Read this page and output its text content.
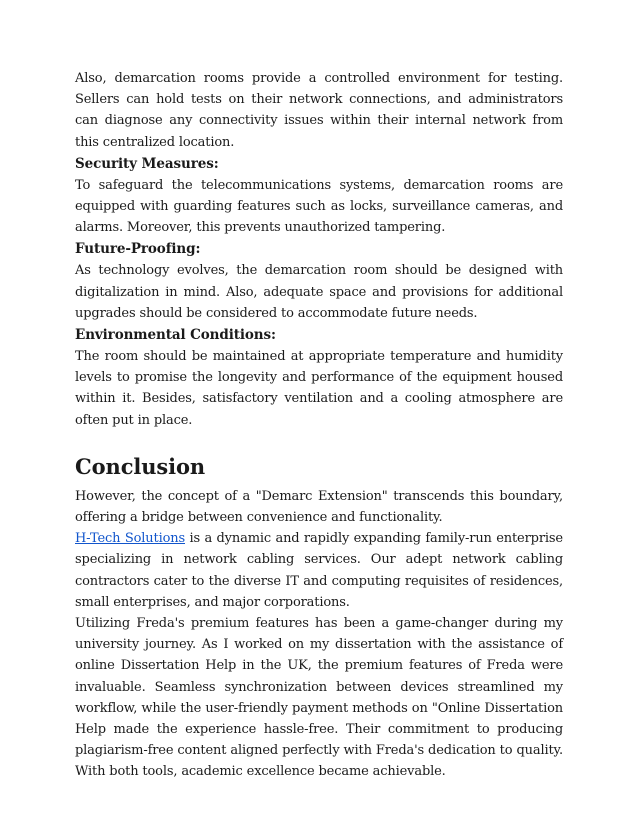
Also, demarcation rooms provide a controlled environment for testing. Sellers can hold tests on their network connections, and administrators can diagnose any connectivity issues within their internal network from this centralized location.

Security Measures:

To safeguard the telecommunications systems, demarcation rooms are equipped with guarding features such as locks, surveillance cameras, and alarms. Moreover, this prevents unauthorized tampering.

Future-Proofing:

As technology evolves, the demarcation room should be designed with digitalization in mind. Also, adequate space and provisions for additional upgrades should be considered to accommodate future needs.

Environmental Conditions:

The room should be maintained at appropriate temperature and humidity levels to promise the longevity and performance of the equipment housed within it. Besides, satisfactory ventilation and a cooling atmosphere are often put in place.

Conclusion

However, the concept of a "Demarc Extension" transcends this boundary, offering a bridge between convenience and functionality.

H-Tech Solutions is a dynamic and rapidly expanding family-run enterprise specializing in network cabling services. Our adept network cabling contractors cater to the diverse IT and computing requisites of residences, small enterprises, and major corporations.

Utilizing Freda's premium features has been a game-changer during my university journey. As I worked on my dissertation with the assistance of online Dissertation Help in the UK, the premium features of Freda were invaluable. Seamless synchronization between devices streamlined my workflow, while the user-friendly payment methods on "Online Dissertation Help made the experience hassle-free. Their commitment to producing plagiarism-free content aligned perfectly with Freda's dedication to quality. With both tools, academic excellence became achievable.
